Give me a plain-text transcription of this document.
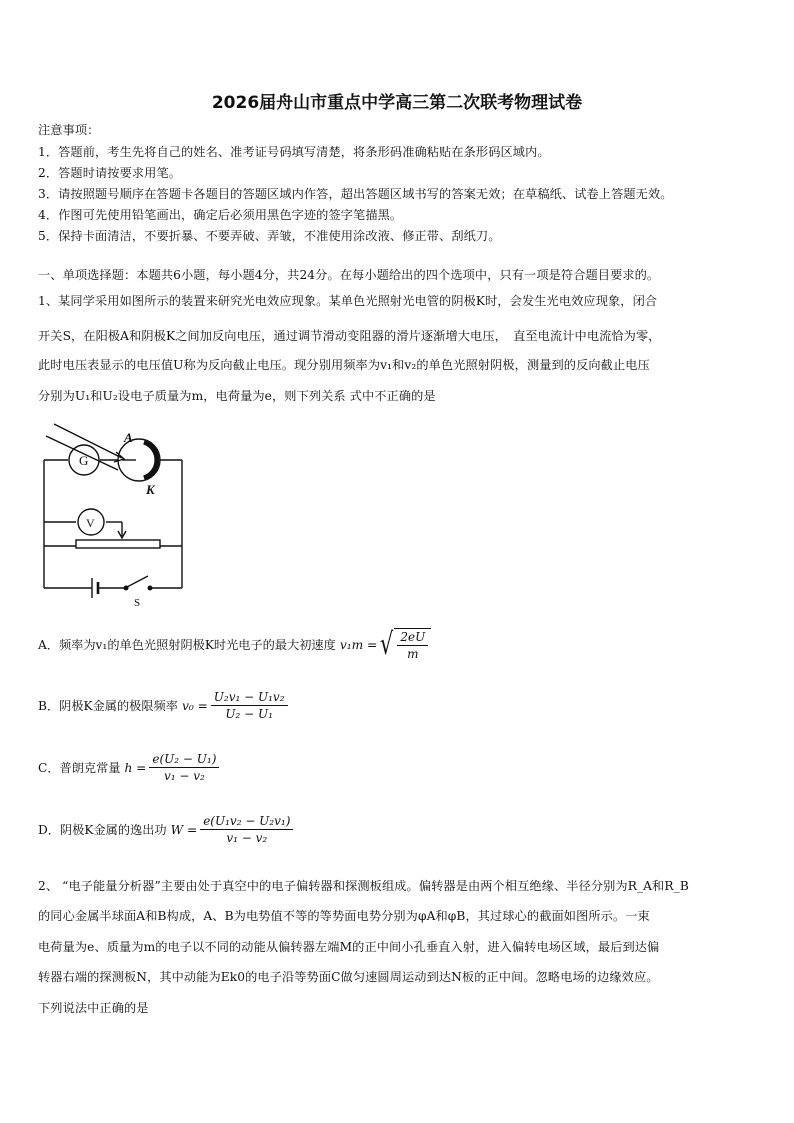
2026届舟山市重点中学高三第二次联考物理试卷
注意事项：
1．答题前，考生先将自己的姓名、准考证号码填写清楚，将条形码准确粘贴在条形码区域内。
2．答题时请按要求用笔。
3．请按照题号顺序在答题卡各题目的答题区域内作答，超出答题区域书写的答案无效；在草稿纸、试卷上答题无效。
4．作图可先使用铅笔画出，确定后必须用黑色字迹的签字笔描黑。
5．保持卡面清洁，不要折暴、不要弄破、弄皱，不准使用涂改液、修正带、刮纸刀。
一、单项选择题：本题共6小题，每小题4分，共24分。在每小题给出的四个选项中，只有一项是符合题目要求的。
1、某同学采用如图所示的装置来研究光电效应现象。某单色光照射光电管的阴极K时，会发生光电效应现象，闭合
开关S，在阳极A和阴极K之间加反向电压，通过调节滑动变阻器的滑片逐渐增大电压，　直至电流计中电流恰为零，
此时电压表显示的电压值U称为反向截止电压。现分别用频率为v₁和v₂的单色光照射阴极，测量到的反向截止电压
分别为U₁和U₂设电子质量为m，电荷量为e，则下列关系 式中不正确的是
G
V
A
K
S
A．频率为v₁的单色光照射阴极K时光电子的最大初速度 v₁m = √ $\frac{2eU}{m}$
B．阴极K金属的极限频率 $v_0 = \frac{\text{U₂v₁ − U₁v₂}}{\text{U₂ − U₁}}$
C．普朗克常量 $h = \frac{\text{e(U₂ − U₁)}}{\text{v₁ − v₂}}$
D．阴极K金属的逸出功 $W = \frac{\text{e(U₁v₂ − U₂v₁)}}{\text{v₁ − v₂}}$
2、 “电子能量分析器”主要由处于真空中的电子偏转器和探测板组成。偏转器是由两个相互绝缘、半径分别为R_A和R_B
的同心金属半球面A和B构成，A、B为电势值不等的等势面电势分别为φA和φB，其过球心的截面如图所示。一束
电荷量为e、质量为m的电子以不同的动能从偏转器左端M的正中间小孔垂直入射，进入偏转电场区域，最后到达偏
转器右端的探测板N，其中动能为Ek0的电子沿等势面C做匀速圆周运动到达N板的正中间。忽略电场的边缘效应。
下列说法中正确的是
